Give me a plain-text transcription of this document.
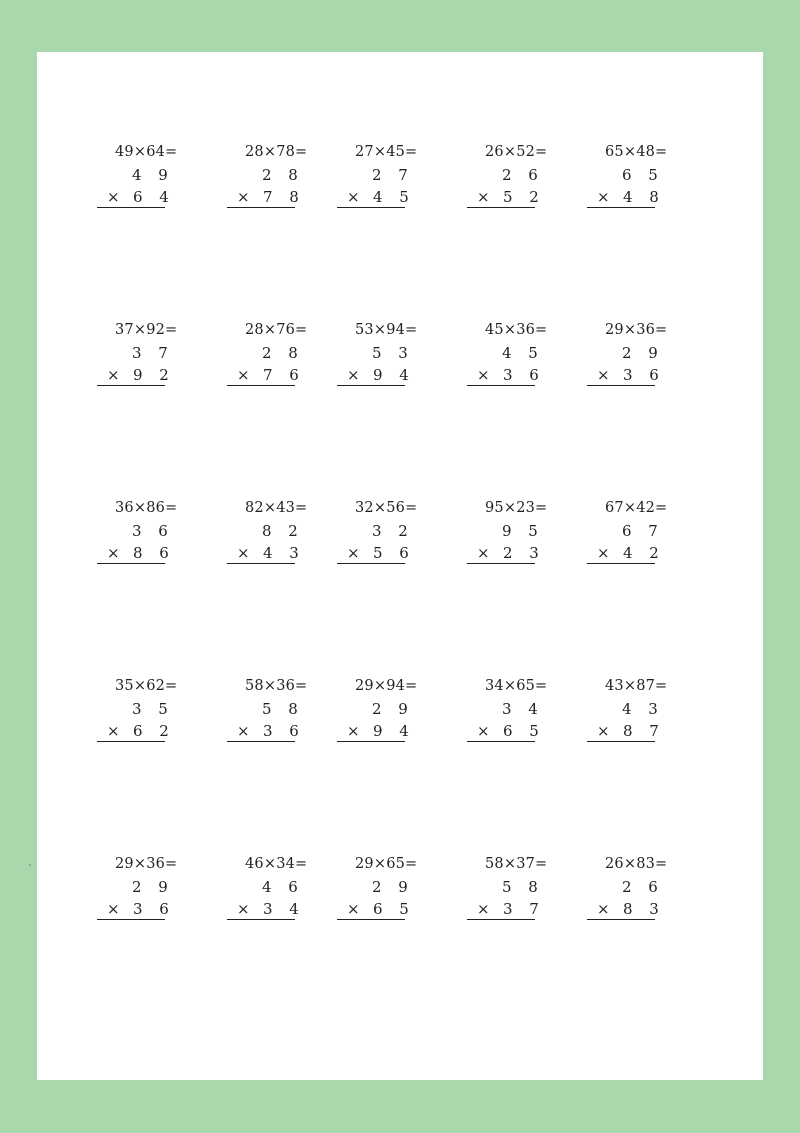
49×64=
4 9
× 6 4
28×78=
2 8
× 7 8
27×45=
2 7
× 4 5
26×52=
2 6
× 5 2
65×48=
6 5
× 4 8
37×92=
3 7
× 9 2
28×76=
2 8
× 7 6
53×94=
5 3
× 9 4
45×36=
4 5
× 3 6
29×36=
2 9
× 3 6
36×86=
3 6
× 8 6
82×43=
8 2
× 4 3
32×56=
3 2
× 5 6
95×23=
9 5
× 2 3
67×42=
6 7
× 4 2
35×62=
3 5
× 6 2
58×36=
5 8
× 3 6
29×94=
2 9
× 9 4
34×65=
3 4
× 6 5
43×87=
4 3
× 8 7
29×36=
2 9
× 3 6
46×34=
4 6
× 3 4
29×65=
2 9
× 6 5
58×37=
5 8
× 3 7
26×83=
2 6
× 8 3
